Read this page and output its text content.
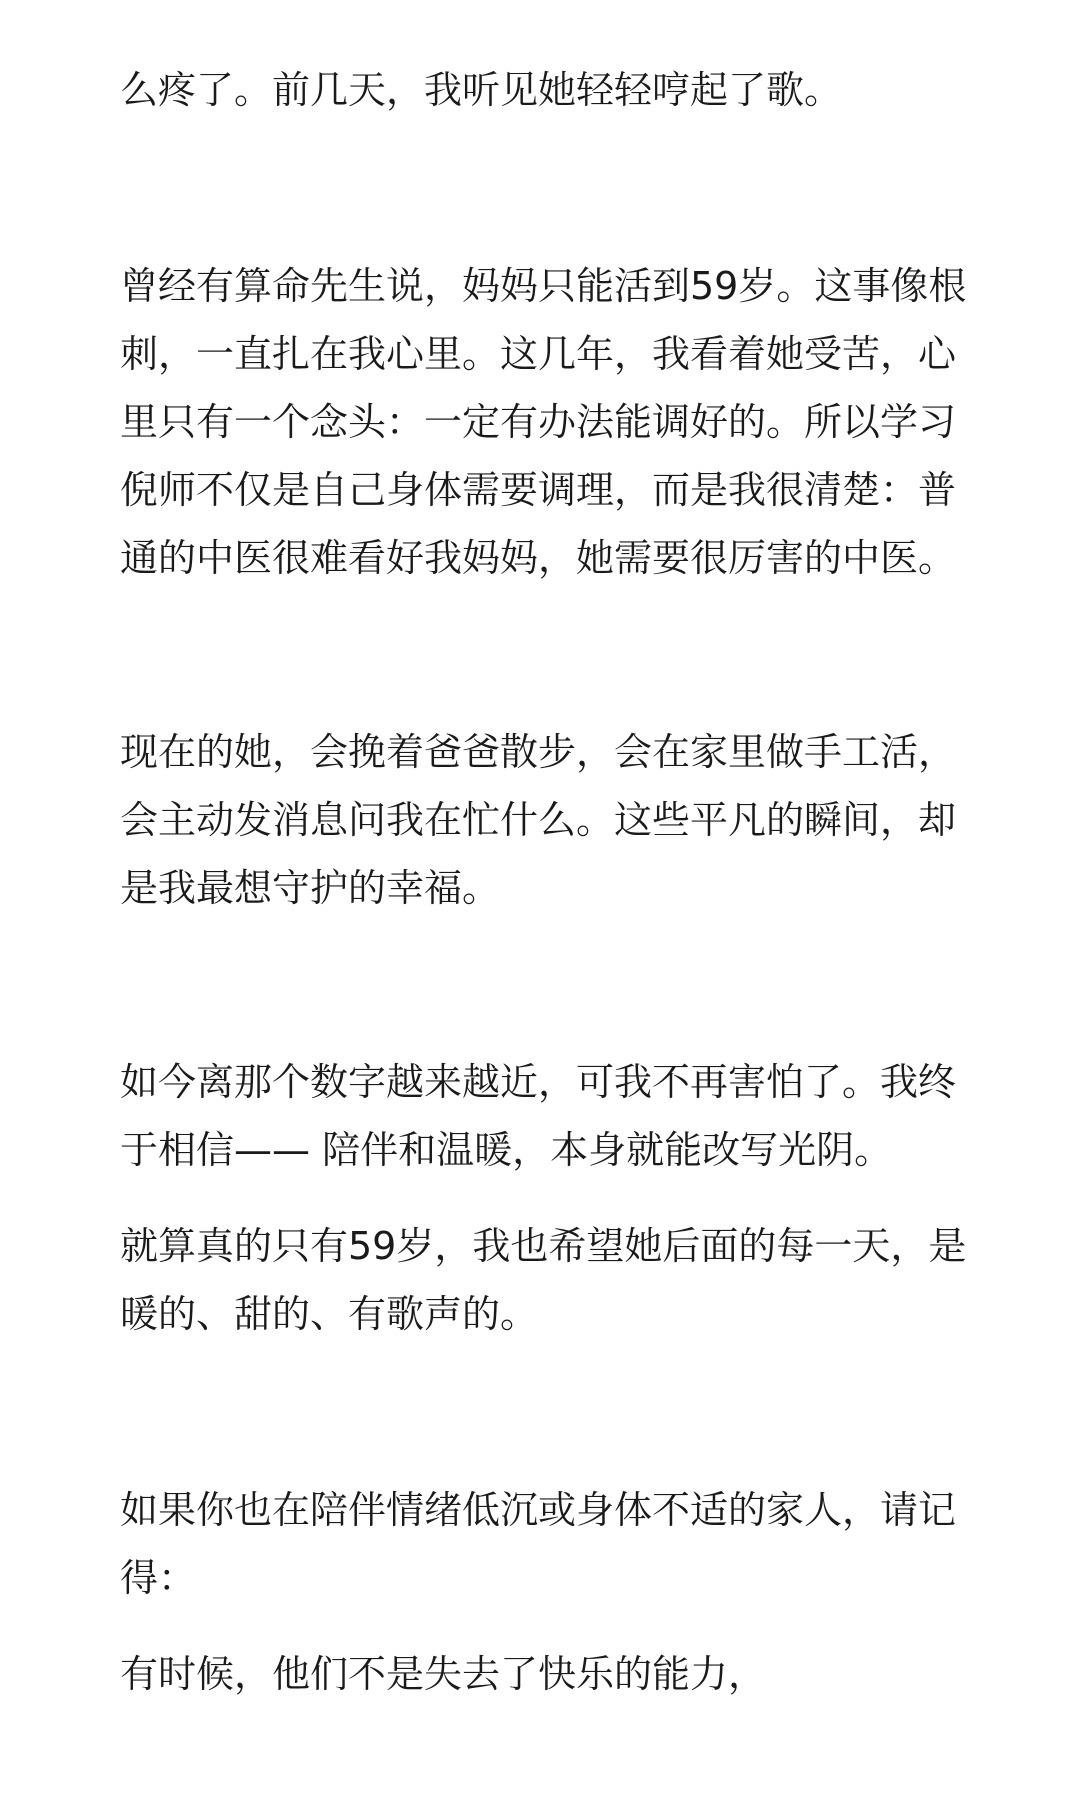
么疼了。前几天，我听见她轻轻哼起了歌。
曾经有算命先生说，妈妈只能活到59岁。这事像根
刺，一直扎在我心里。这几年，我看着她受苦，心
里只有一个念头：一定有办法能调好的。所以学习
倪师不仅是自己身体需要调理，而是我很清楚：普
通的中医很难看好我妈妈，她需要很厉害的中医。
现在的她，会挽着爸爸散步，会在家里做手工活，
会主动发消息问我在忙什么。这些平凡的瞬间，却
是我最想守护的幸福。
如今离那个数字越来越近，可我不再害怕了。我终
于相信—— 陪伴和温暖，本身就能改写光阴。
就算真的只有59岁，我也希望她后面的每一天，是
暖的、甜的、有歌声的。
如果你也在陪伴情绪低沉或身体不适的家人，请记
得：
有时候，他们不是失去了快乐的能力，
